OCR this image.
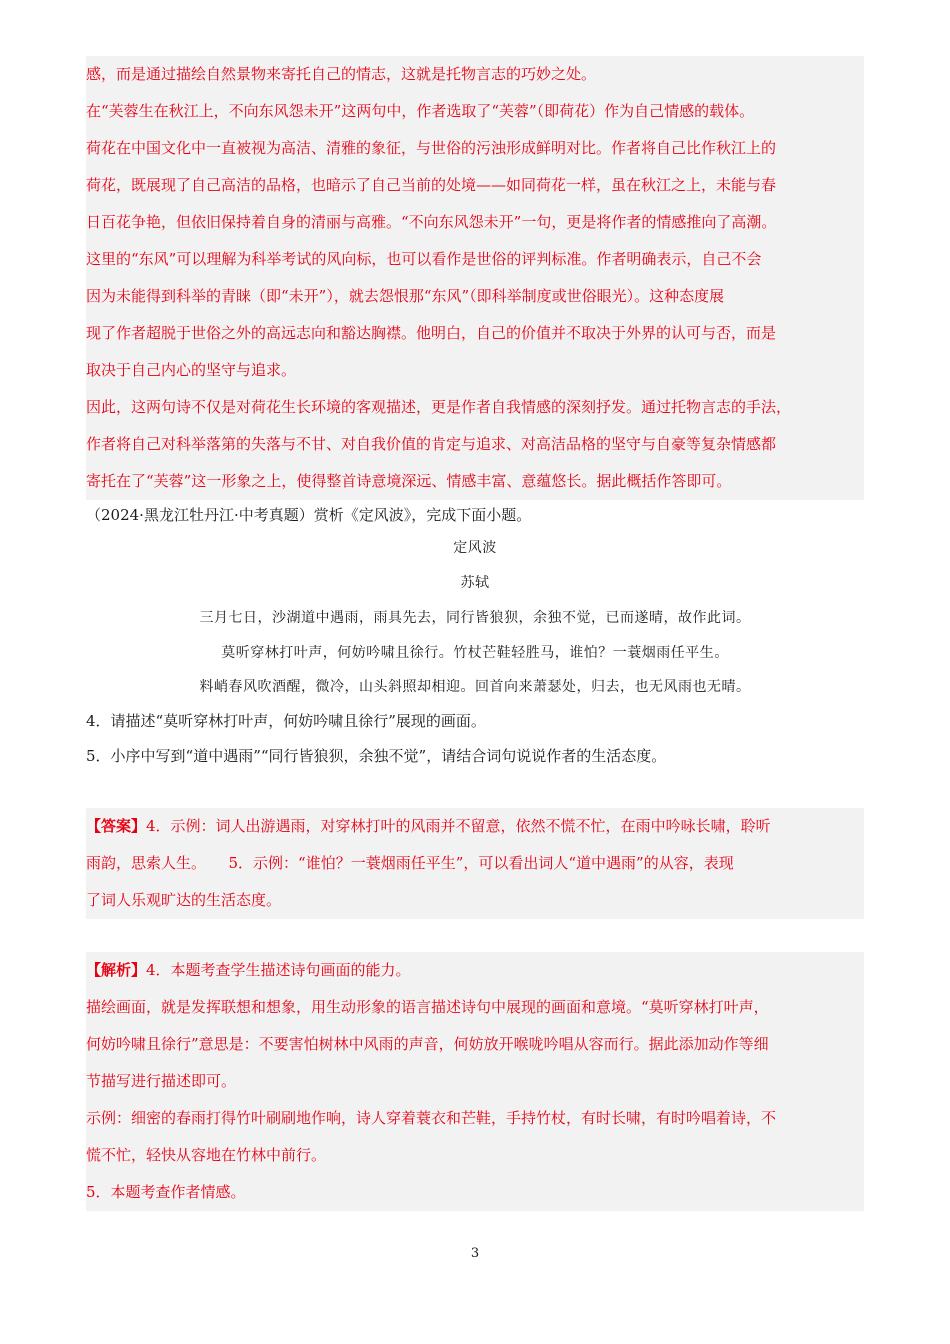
感，而是通过描绘自然景物来寄托自己的情志，这就是托物言志的巧妙之处。
在“芙蓉生在秋江上，不向东风怨未开”这两句中，作者选取了“芙蓉”（即荷花）作为自己情感的载体。
荷花在中国文化中一直被视为高洁、清雅的象征，与世俗的污浊形成鲜明对比。作者将自己比作秋江上的
荷花，既展现了自己高洁的品格，也暗示了自己当前的处境——如同荷花一样，虽在秋江之上，未能与春
日百花争艳，但依旧保持着自身的清丽与高雅。“不向东风怨未开”一句，更是将作者的情感推向了高潮。
这里的“东风”可以理解为科举考试的风向标，也可以看作是世俗的评判标准。作者明确表示，自己不会
因为未能得到科举的青睐（即“未开”），就去怨恨那“东风”（即科举制度或世俗眼光）。这种态度展
现了作者超脱于世俗之外的高远志向和豁达胸襟。他明白，自己的价值并不取决于外界的认可与否，而是
取决于自己内心的坚守与追求。
因此，这两句诗不仅是对荷花生长环境的客观描述，更是作者自我情感的深刻抒发。通过托物言志的手法，
作者将自己对科举落第的失落与不甘、对自我价值的肯定与追求、对高洁品格的坚守与自豪等复杂情感都
寄托在了“芙蓉”这一形象之上，使得整首诗意境深远、情感丰富、意蕴悠长。据此概括作答即可。
（2024·黑龙江牡丹江·中考真题）赏析《定风波》，完成下面小题。
定风波
苏轼
三月七日，沙湖道中遇雨，雨具先去，同行皆狼狈，余独不觉，已而遂晴，故作此词。
莫听穿林打叶声，何妨吟啸且徐行。竹杖芒鞋轻胜马，谁怕？一蓑烟雨任平生。
料峭春风吹酒醒，微冷，山头斜照却相迎。回首向来萧瑟处，归去，也无风雨也无晴。
4．请描述“莫听穿林打叶声，何妨吟啸且徐行”展现的画面。
5．小序中写到“道中遇雨”“同行皆狼狈，余独不觉”，请结合词句说说作者的生活态度。
【答案】4．示例：词人出游遇雨，对穿林打叶的风雨并不留意，依然不慌不忙，在雨中吟咏长啸，聆听
雨韵，思索人生。　　5．示例：“谁怕？一蓑烟雨任平生”，可以看出词人“道中遇雨”的从容，表现
了词人乐观旷达的生活态度。
【解析】4．本题考查学生描述诗句画面的能力。
描绘画面，就是发挥联想和想象，用生动形象的语言描述诗句中展现的画面和意境。“莫听穿林打叶声，
何妨吟啸且徐行”意思是：不要害怕树林中风雨的声音，何妨放开喉咙吟唱从容而行。据此添加动作等细
节描写进行描述即可。
示例：细密的春雨打得竹叶刷刷地作响，诗人穿着蓑衣和芒鞋，手持竹杖，有时长啸，有时吟唱着诗，不
慌不忙，轻快从容地在竹林中前行。
5．本题考查作者情感。
3
